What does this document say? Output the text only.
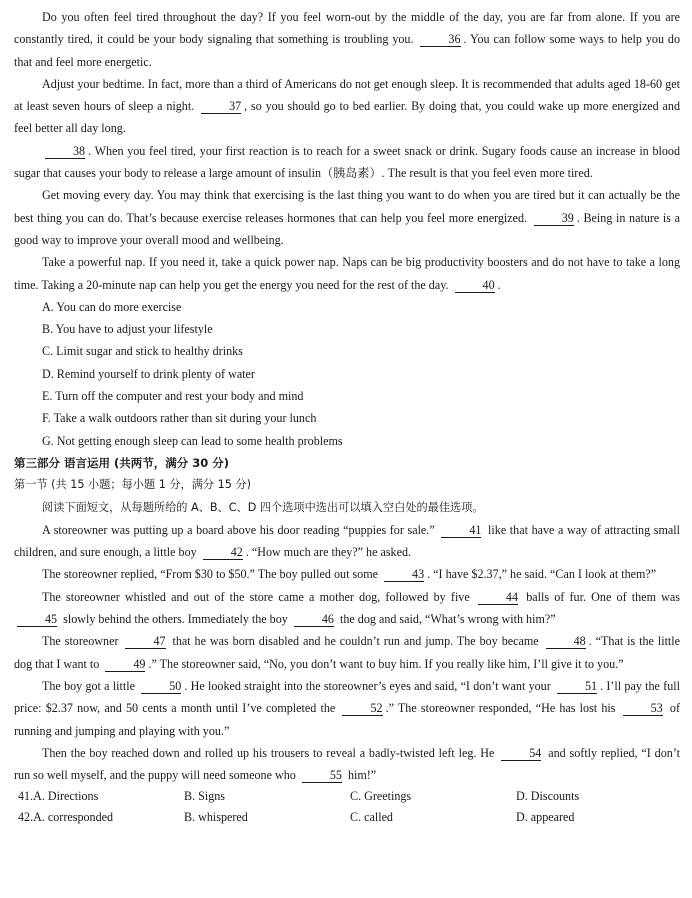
Do you often feel tired throughout the day? If you feel worn-out by the middle of the day, you are far from alone. If you are constantly tired, it could be your body signaling that something is troubling you.	36 . You can follow some ways to help you do that and feel more energetic.

Adjust your bedtime. In fact, more than a third of Americans do not get enough sleep. It is recommended that adults aged 18-60 get at least seven hours of sleep a night.	37 , so you should go to bed earlier. By doing that, you could wake up more energized and feel better all day long.

38 . When you feel tired, your first reaction is to reach for a sweet snack or drink. Sugary foods cause an increase in blood sugar that causes your body to release a large amount of insulin（胰岛素）. The result is that you feel even more tired.

Get moving every day. You may think that exercising is the last thing you want to do when you are tired but it can actually be the best thing you can do. That’s because exercise releases hormones that can help you feel more energized.	39 . Being in nature is a good way to improve your overall mood and wellbeing.

Take a powerful nap. If you need it, take a quick power nap. Naps can be big productivity boosters and do not have to take a long time. Taking a 20-minute nap can help you get the energy you need for the rest of the day.	40 .

A. You can do more exercise

B. You have to adjust your lifestyle

C. Limit sugar and stick to healthy drinks

D. Remind yourself to drink plenty of water

E. Turn off the computer and rest your body and mind

F. Take a walk outdoors rather than sit during your lunch

G. Not getting enough sleep can lead to some health problems

第三部分 语言运用 (共两节，满分 30 分)

第一节 (共 15 小题；每小题 1 分，满分 15 分)

阅读下面短文，从每题所给的 A、B、C、D 四个选项中选出可以填入空白处的最佳选项。

A storeowner was putting up a board above his door reading “puppies for sale.”	41 like that have a way of attracting small children, and sure enough, a little boy	42 . “How much are they?” he asked.

The storeowner replied, “From $30 to $50.” The boy pulled out some	43 . “I have $2.37,” he said. “Can I look at them?”

The storeowner whistled and out of the store came a mother dog, followed by five	44 balls of fur. One of them was 45 slowly behind the others. Immediately the boy	46 the dog and said, “What’s wrong with him?”

The storeowner	47 that he was born disabled and he couldn’t run and jump. The boy became	48 . “That is the little dog that I want to	49 .” The storeowner said, “No, you don’t want to buy him. If you really like him, I’ll give it to you.”

The boy got a little	50 . He looked straight into the storeowner’s eyes and said, “I don’t want your	51 . I’ll pay the full price: $2.37 now, and 50 cents a month until I’ve completed the	52 .” The storeowner responded, “He has lost his	53 of running and jumping and playing with you.”

Then the boy reached down and rolled up his trousers to reveal a badly-twisted left leg. He	54 and softly replied, “I don’t run so well myself, and the puppy will need someone who	55 him!”

41.A. Directions	B. Signs	C. Greetings	D. Discounts
42.A. corresponded	B. whispered	C. called	D. appeared
